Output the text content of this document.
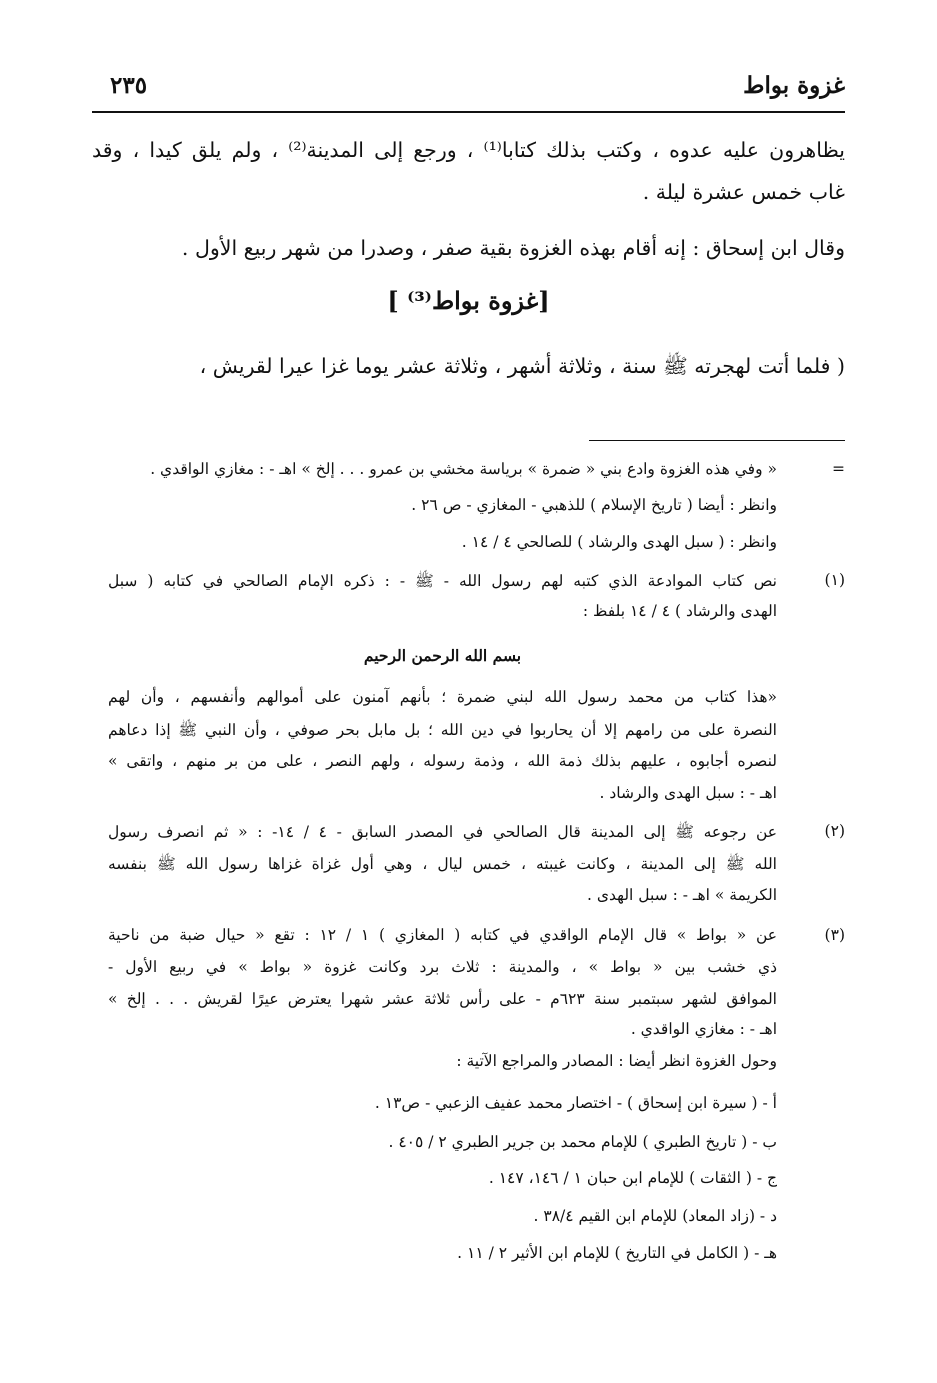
غزوة بواط
٢٣٥
يظاهرون عليه عدوه ، وكتب بذلك كتابا⁽¹⁾ ، ورجع إلى المدينة⁽²⁾ ، ولم يلق كيدا ، وقد
غاب خمس عشرة ليلة .
وقال ابن إسحاق : إنه أقام بهذه الغزوة بقية صفر ، وصدرا من شهر ربيع الأول .
[غزوة بواط⁽³⁾ ]
( فلما أتت لهجرته ﷺ سنة ، وثلاثة أشهر ، وثلاثة عشر يوما غزا عيرا لقريش ،
=
« وفي هذه الغزوة وادع بني « ضمرة » برياسة مخشي بن عمرو . . . إلخ » اهـ - : مغازي الواقدي .
وانظر : أيضا ( تاريخ الإسلام ) للذهبي - المغازي - ص ٢٦ .
وانظر : ( سبل الهدى والرشاد ) للصالحي ٤ / ١٤ .
(١)
نص كتاب الموادعة الذي كتبه لهم رسول الله - ﷺ - : ذكره الإمام الصالحي في كتابه ( سبل
الهدى والرشاد ) ٤ / ١٤ بلفظ :
بسم الله الرحمن الرحيم
«هذا كتاب من محمد رسول الله لبني ضمرة ؛ بأنهم آمنون على أموالهم وأنفسهم ، وأن لهم
النصرة على من رامهم إلا أن يحاربوا في دين الله ؛ بل مابل بحر صوفي ، وأن النبي ﷺ إذا دعاهم
لنصره أجابوه ، عليهم بذلك ذمة الله ، وذمة رسوله ، ولهم النصر ، على من بر منهم ، واتقى »
اهـ - : سبل الهدى والرشاد .
(٢)
عن رجوعه ﷺ إلى المدينة قال الصالحي في المصدر السابق - ٤ / ١٤- : « ثم انصرف رسول
الله ﷺ إلى المدينة ، وكانت غيبته ، خمس ليال ، وهي أول غزاة غزاها رسول الله ﷺ بنفسه
الكريمة » اهـ - : سبل الهدى .
(٣)
عن « بواط » قال الإمام الواقدي في كتابه ( المغازي ) ١ / ١٢ : تقع « حيال ضبة من ناحية
ذي خشب بين « بواط » ، والمدينة : ثلاث برد وكانت غزوة « بواط » في ربيع الأول -
الموافق لشهر سبتمبر سنة ٦٢٣م - على رأس ثلاثة عشر شهرا يعترض عيرًا لقريش . . . إلخ »
اهـ - : مغازي الواقدي .
وحول الغزوة انظر أيضا : المصادر والمراجع الآتية :
أ - ( سيرة ابن إسحاق ) - اختصار محمد عفيف الزعبي - ص١٣ .
ب - ( تاريخ الطبري ) للإمام محمد بن جرير الطبري ٢ / ٤٠٥ .
ج - ( الثقات ) للإمام ابن حبان ١ / ١٤٦، ١٤٧ .
د - (زاد المعاد) للإمام ابن القيم ٣٨/٤ .
هـ - ( الكامل في التاريخ ) للإمام ابن الأثير ٢ / ١١ .
